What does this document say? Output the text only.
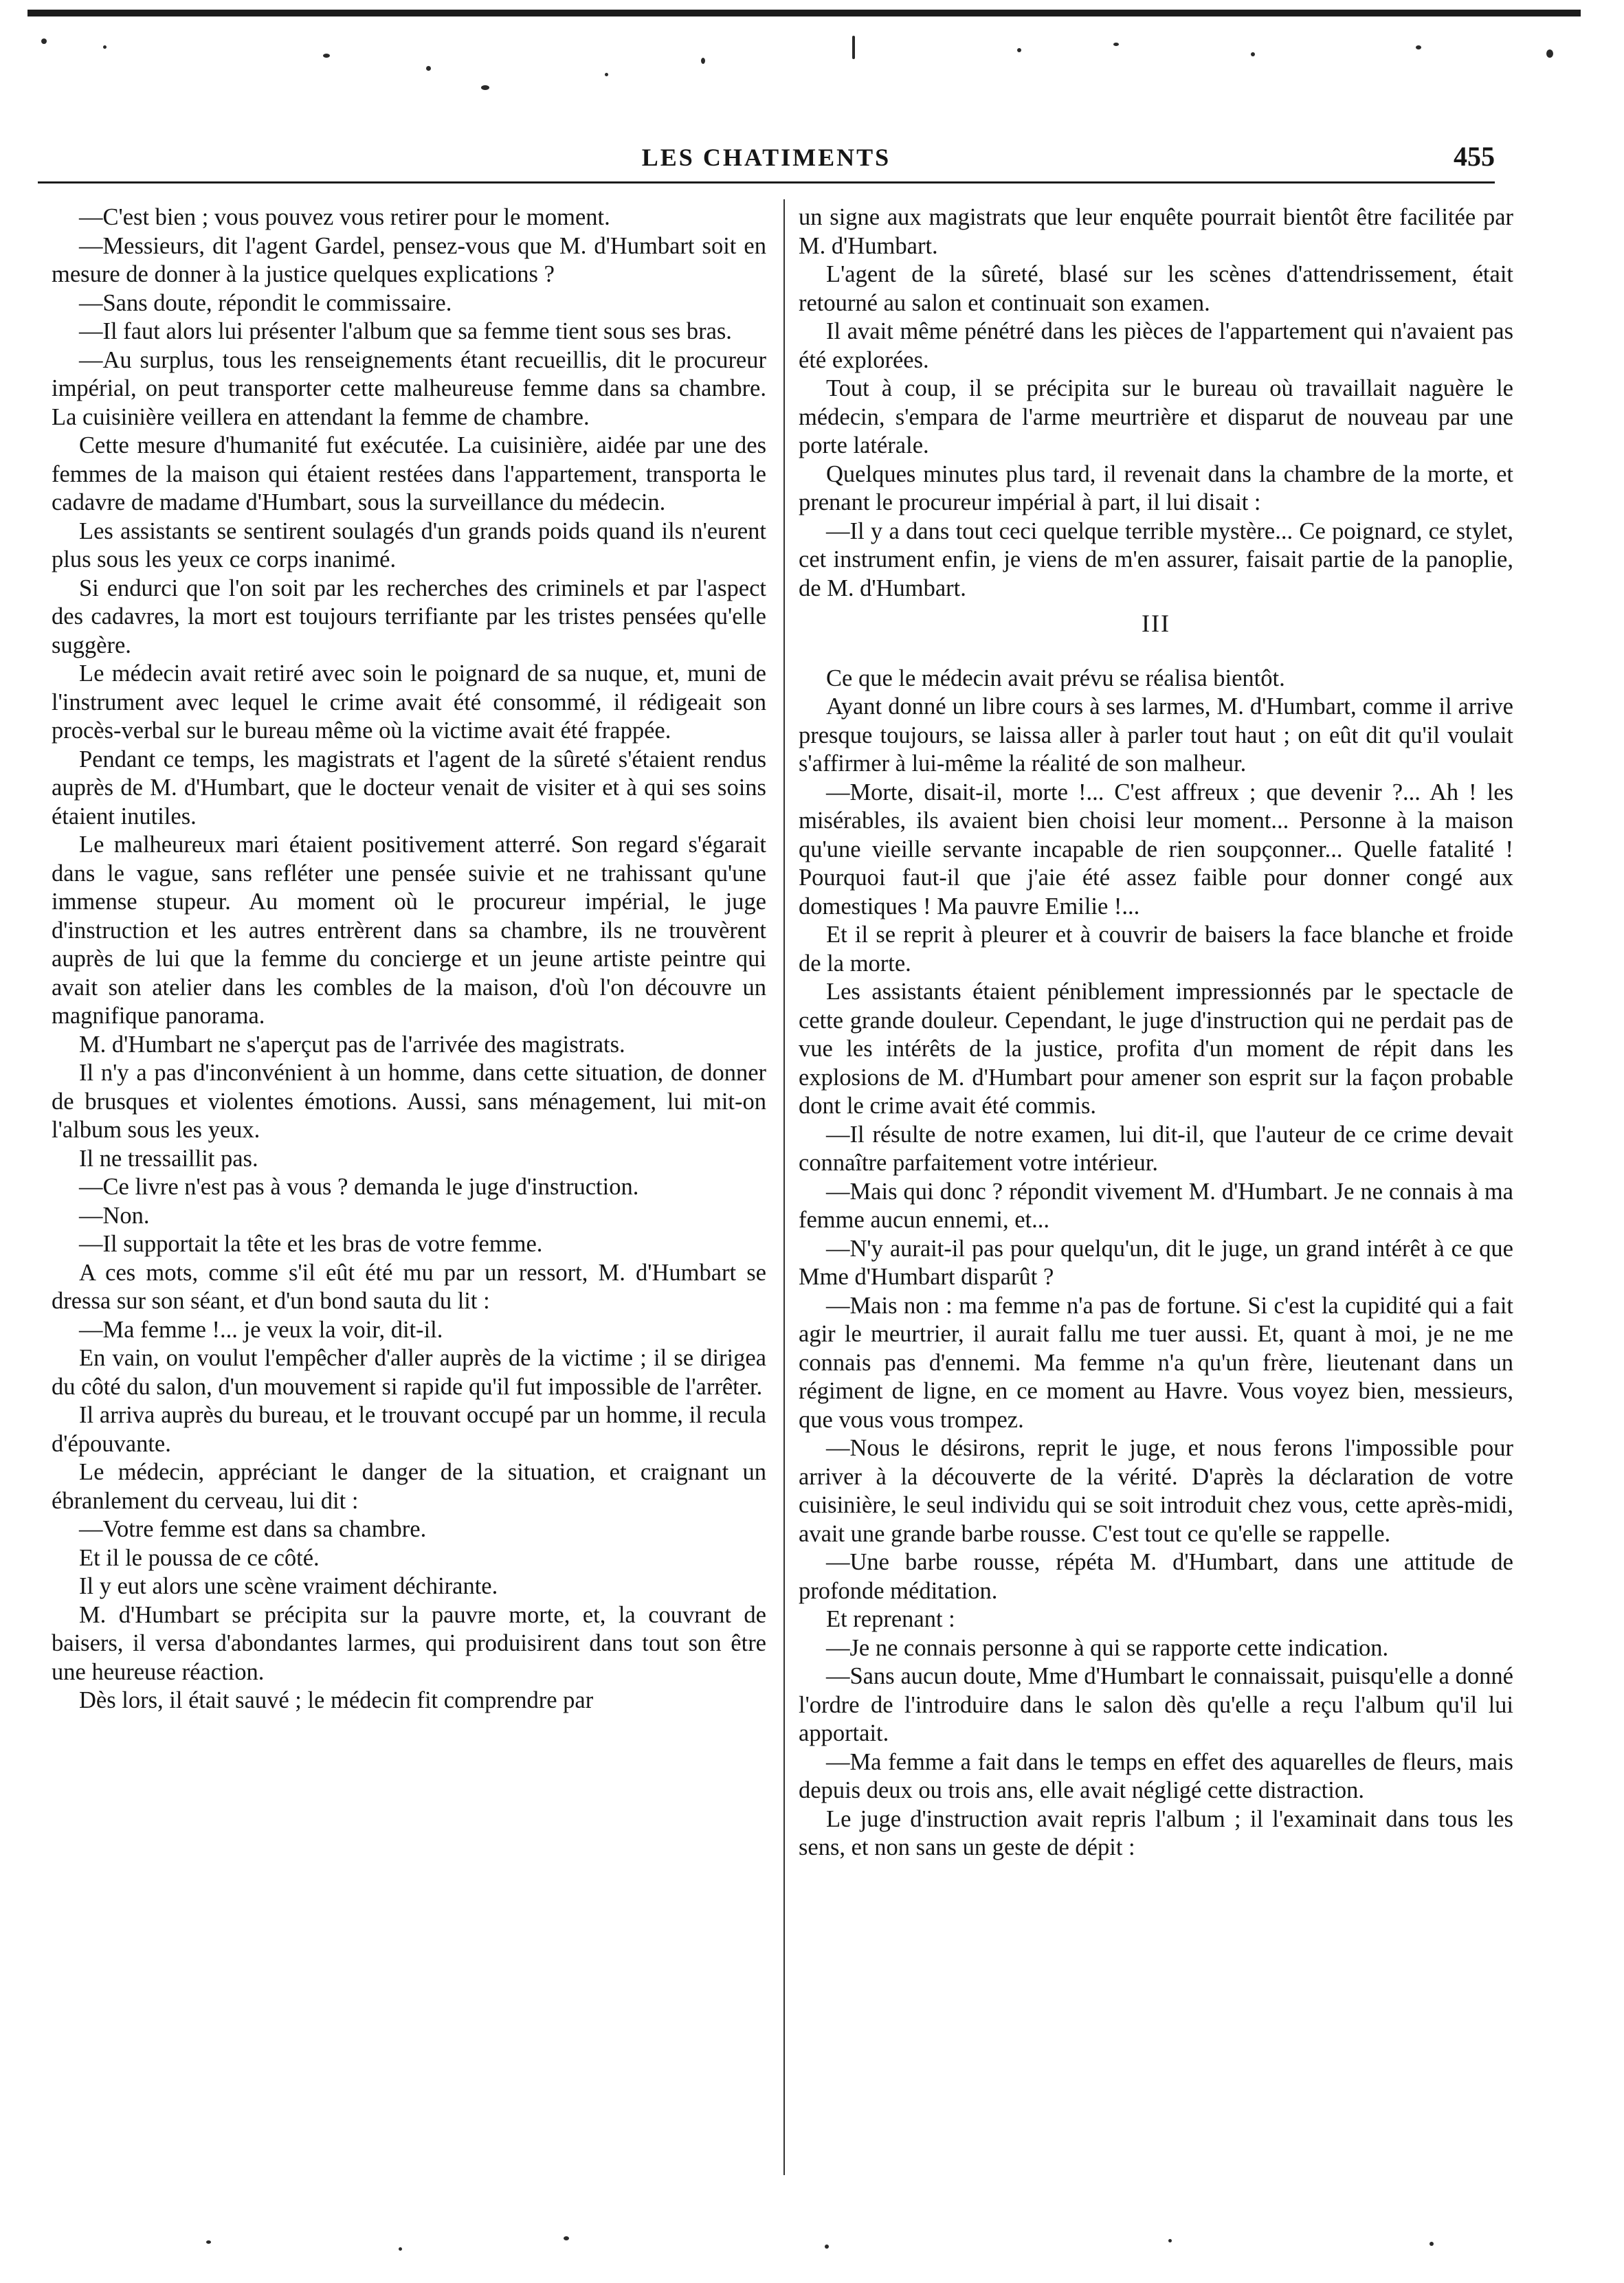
LES CHATIMENTS	455

—C'est bien ; vous pouvez vous retirer pour le moment.

—Messieurs, dit l'agent Gardel, pensez-vous que M. d'Humbart soit en mesure de donner à la justice quelques explications ?

—Sans doute, répondit le commissaire.

—Il faut alors lui présenter l'album que sa femme tient sous ses bras.

—Au surplus, tous les renseignements étant recueillis, dit le procureur impérial, on peut transporter cette malheureuse femme dans sa chambre. La cuisinière veillera en attendant la femme de chambre.

Cette mesure d'humanité fut exécutée. La cuisinière, aidée par une des femmes de la maison qui étaient restées dans l'appartement, transporta le cadavre de madame d'Humbart, sous la surveillance du médecin.

Les assistants se sentirent soulagés d'un grands poids quand ils n'eurent plus sous les yeux ce corps inanimé.

Si endurci que l'on soit par les recherches des criminels et par l'aspect des cadavres, la mort est toujours terrifiante par les tristes pensées qu'elle suggère.

Le médecin avait retiré avec soin le poignard de sa nuque, et, muni de l'instrument avec lequel le crime avait été consommé, il rédigeait son procès-verbal sur le bureau même où la victime avait été frappée.

Pendant ce temps, les magistrats et l'agent de la sûreté s'étaient rendus auprès de M. d'Humbart, que le docteur venait de visiter et à qui ses soins étaient inutiles.

Le malheureux mari étaient positivement atterré. Son regard s'égarait dans le vague, sans refléter une pensée suivie et ne trahissant qu'une immense stupeur. Au moment où le procureur impérial, le juge d'instruction et les autres entrèrent dans sa chambre, ils ne trouvèrent auprès de lui que la femme du concierge et un jeune artiste peintre qui avait son atelier dans les combles de la maison, d'où l'on découvre un magnifique panorama.

M. d'Humbart ne s'aperçut pas de l'arrivée des magistrats.

Il n'y a pas d'inconvénient à un homme, dans cette situation, de donner de brusques et violentes émotions. Aussi, sans ménagement, lui mit-on l'album sous les yeux.

Il ne tressaillit pas.

—Ce livre n'est pas à vous ? demanda le juge d'instruction.

—Non.

—Il supportait la tête et les bras de votre femme.

A ces mots, comme s'il eût été mu par un ressort, M. d'Humbart se dressa sur son séant, et d'un bond sauta du lit :

—Ma femme !... je veux la voir, dit-il.

En vain, on voulut l'empêcher d'aller auprès de la victime ; il se dirigea du côté du salon, d'un mouvement si rapide qu'il fut impossible de l'arrêter.

Il arriva auprès du bureau, et le trouvant occupé par un homme, il recula d'épouvante.

Le médecin, appréciant le danger de la situation, et craignant un ébranlement du cerveau, lui dit :

—Votre femme est dans sa chambre.

Et il le poussa de ce côté.

Il y eut alors une scène vraiment déchirante.

M. d'Humbart se précipita sur la pauvre morte, et, la couvrant de baisers, il versa d'abondantes larmes, qui produisirent dans tout son être une heureuse réaction.

Dès lors, il était sauvé ; le médecin fit comprendre par

un signe aux magistrats que leur enquête pourrait bientôt être facilitée par M. d'Humbart.

L'agent de la sûreté, blasé sur les scènes d'attendrissement, était retourné au salon et continuait son examen.

Il avait même pénétré dans les pièces de l'appartement qui n'avaient pas été explorées.

Tout à coup, il se précipita sur le bureau où travaillait naguère le médecin, s'empara de l'arme meurtrière et disparut de nouveau par une porte latérale.

Quelques minutes plus tard, il revenait dans la chambre de la morte, et prenant le procureur impérial à part, il lui disait :

—Il y a dans tout ceci quelque terrible mystère... Ce poignard, ce stylet, cet instrument enfin, je viens de m'en assurer, faisait partie de la panoplie, de M. d'Humbart.

III

Ce que le médecin avait prévu se réalisa bientôt.

Ayant donné un libre cours à ses larmes, M. d'Humbart, comme il arrive presque toujours, se laissa aller à parler tout haut ; on eût dit qu'il voulait s'affirmer à lui-même la réalité de son malheur.

—Morte, disait-il, morte !... C'est affreux ; que devenir ?... Ah ! les misérables, ils avaient bien choisi leur moment... Personne à la maison qu'une vieille servante incapable de rien soupçonner... Quelle fatalité ! Pourquoi faut-il que j'aie été assez faible pour donner congé aux domestiques ! Ma pauvre Emilie !...

Et il se reprit à pleurer et à couvrir de baisers la face blanche et froide de la morte.

Les assistants étaient péniblement impressionnés par le spectacle de cette grande douleur. Cependant, le juge d'instruction qui ne perdait pas de vue les intérêts de la justice, profita d'un moment de répit dans les explosions de M. d'Humbart pour amener son esprit sur la façon probable dont le crime avait été commis.

—Il résulte de notre examen, lui dit-il, que l'auteur de ce crime devait connaître parfaitement votre intérieur.

—Mais qui donc ? répondit vivement M. d'Humbart. Je ne connais à ma femme aucun ennemi, et...

—N'y aurait-il pas pour quelqu'un, dit le juge, un grand intérêt à ce que Mme d'Humbart disparût ?

—Mais non : ma femme n'a pas de fortune. Si c'est la cupidité qui a fait agir le meurtrier, il aurait fallu me tuer aussi. Et, quant à moi, je ne me connais pas d'ennemi. Ma femme n'a qu'un frère, lieutenant dans un régiment de ligne, en ce moment au Havre. Vous voyez bien, messieurs, que vous vous trompez.

—Nous le désirons, reprit le juge, et nous ferons l'impossible pour arriver à la découverte de la vérité. D'après la déclaration de votre cuisinière, le seul individu qui se soit introduit chez vous, cette après-midi, avait une grande barbe rousse. C'est tout ce qu'elle se rappelle.

—Une barbe rousse, répéta M. d'Humbart, dans une attitude de profonde méditation.

Et reprenant :

—Je ne connais personne à qui se rapporte cette indication.

—Sans aucun doute, Mme d'Humbart le connaissait, puisqu'elle a donné l'ordre de l'introduire dans le salon dès qu'elle a reçu l'album qu'il lui apportait.

—Ma femme a fait dans le temps en effet des aquarelles de fleurs, mais depuis deux ou trois ans, elle avait négligé cette distraction.

Le juge d'instruction avait repris l'album ; il l'examinait dans tous les sens, et non sans un geste de dépit :
